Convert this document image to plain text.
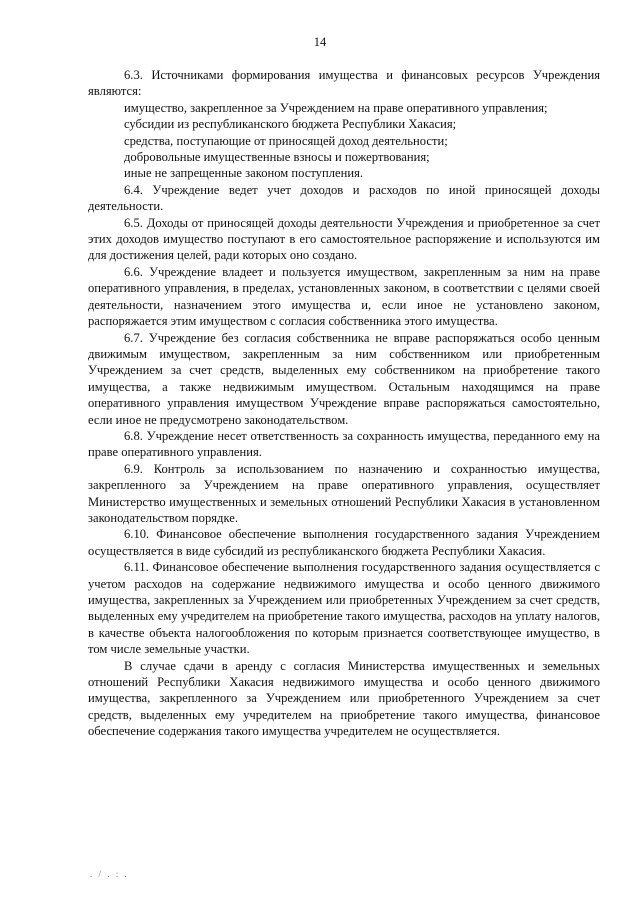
14

6.3. Источниками формирования имущества и финансовых ресурсов Учреждения являются:

имущество, закрепленное за Учреждением на праве оперативного управления;

субсидии из республиканского бюджета Республики Хакасия;

средства, поступающие от приносящей доход деятельности;

добровольные имущественные взносы и пожертвования;

иные не запрещенные законом поступления.

6.4. Учреждение ведет учет доходов и расходов по иной приносящей доходы деятельности.

6.5. Доходы от приносящей доходы деятельности Учреждения и приобретенное за счет этих доходов имущество поступают в его самостоятельное распоряжение и используются им для достижения целей, ради которых оно создано.

6.6. Учреждение владеет и пользуется имуществом, закрепленным за ним на праве оперативного управления, в пределах, установленных законом, в соответствии с целями своей деятельности, назначением этого имущества и, если иное не установлено законом, распоряжается этим имуществом с согласия собственника этого имущества.

6.7. Учреждение без согласия собственника не вправе распоряжаться особо ценным движимым имуществом, закрепленным за ним собственником или приобретенным Учреждением за счет средств, выделенных ему собственником на приобретение такого имущества, а также недвижимым имуществом. Остальным находящимся на праве оперативного управления имуществом Учреждение вправе распоряжаться самостоятельно, если иное не предусмотрено законодательством.

6.8. Учреждение несет ответственность за сохранность имущества, переданного ему на праве оперативного управления.

6.9. Контроль за использованием по назначению и сохранностью имущества, закрепленного за Учреждением на праве оперативного управления, осуществляет Министерство имущественных и земельных отношений Республики Хакасия в установленном законодательством порядке.

6.10. Финансовое обеспечение выполнения государственного задания Учреждением осуществляется в виде субсидий из республиканского бюджета Республики Хакасия.

6.11. Финансовое обеспечение выполнения государственного задания осуществляется с учетом расходов на содержание недвижимого имущества и особо ценного движимого имущества, закрепленных за Учреждением или приобретенных Учреждением за счет средств, выделенных ему учредителем на приобретение такого имущества, расходов на уплату налогов, в качестве объекта налогообложения по которым признается соответствующее имущество, в том числе земельные участки.

В случае сдачи в аренду с согласия Министерства имущественных и земельных отношений Республики Хакасия недвижимого имущества и особо ценного движимого имущества, закрепленного за Учреждением или приобретенного Учреждением за счет средств, выделенных ему учредителем на приобретение такого имущества, финансовое обеспечение содержания такого имущества учредителем не осуществляется.

. / . : .
